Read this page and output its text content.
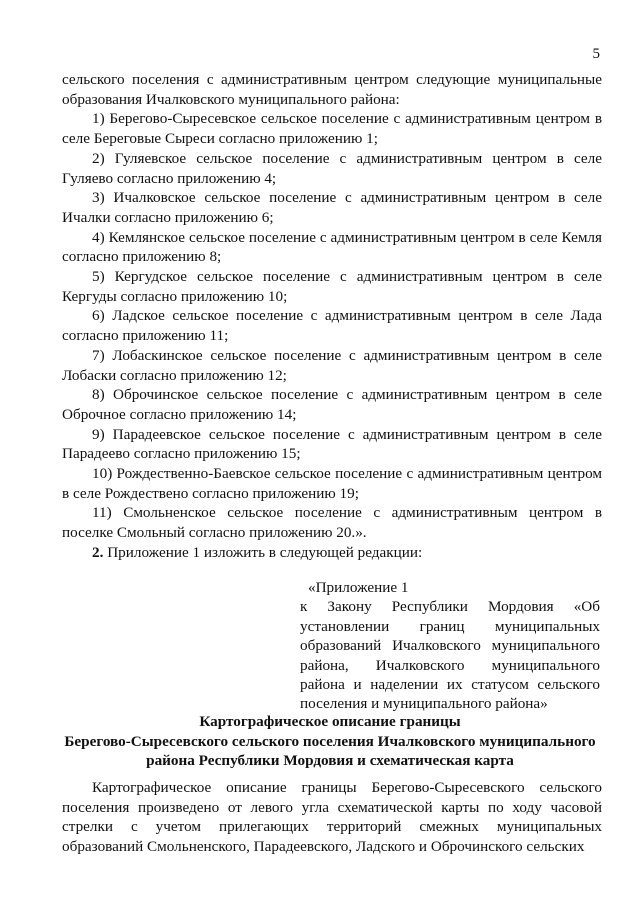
5

сельского поселения с административным центром следующие муниципальные образования Ичалковского муниципального района:

1) Берегово-Сыресевское сельское поселение с административным центром в селе Береговые Сыреси согласно приложению 1;

2) Гуляевское сельское поселение с административным центром в селе Гуляево согласно приложению 4;

3) Ичалковское сельское поселение с административным центром в селе Ичалки согласно приложению 6;

4) Кемлянское сельское поселение с административным центром в селе Кемля согласно приложению 8;

5) Кергудское сельское поселение с административным центром в селе Кергуды согласно приложению 10;

6) Ладское сельское поселение с административным центром в селе Лада согласно приложению 11;

7) Лобаскинское сельское поселение с административным центром в селе Лобаски согласно приложению 12;

8) Оброчинское сельское поселение с административным центром в селе Оброчное согласно приложению 14;

9) Парадеевское сельское поселение с административным центром в селе Парадеево согласно приложению 15;

10) Рождественно-Баевское сельское поселение с административным центром в селе Рождествено согласно приложению 19;

11) Смольненское сельское поселение с административным центром в поселке Смольный согласно приложению 20.».

2. Приложение 1 изложить в следующей редакции:

«Приложение 1

к Закону Республики Мордовия «Об установлении границ муниципальных образований Ичалковского муниципального района, Ичалковского муниципального района и наделении их статусом сельского поселения и муниципального района»

Картографическое описание границы
Берегово-Сыресевского сельского поселения Ичалковского муниципального
района Республики Мордовия и схематическая карта

Картографическое описание границы Берегово-Сыресевского сельского поселения произведено от левого угла схематической карты по ходу часовой стрелки с учетом прилегающих территорий смежных муниципальных образований Смольненского, Парадеевского, Ладского и Оброчинского сельских
